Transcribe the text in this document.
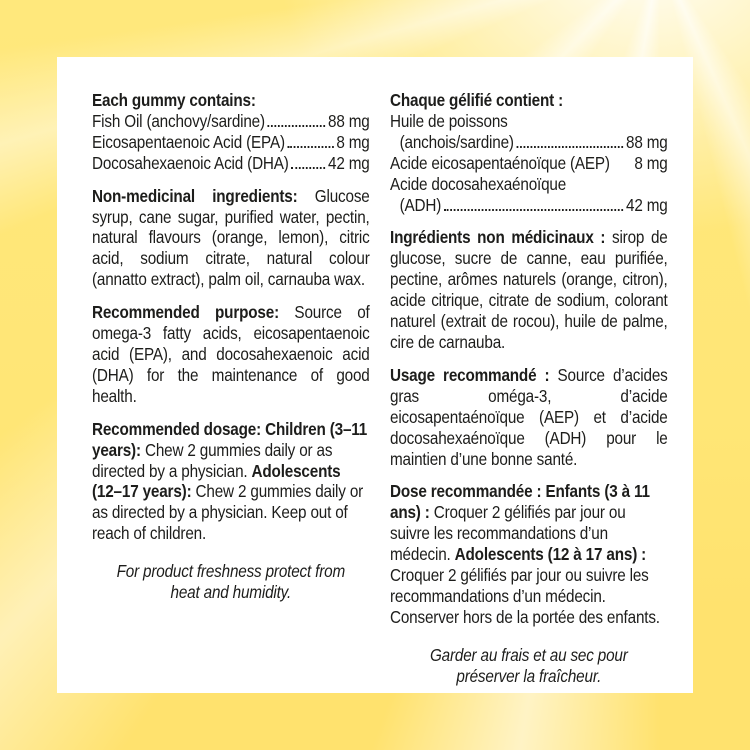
Each gummy contains:
Fish Oil (anchovy/sardine)	88 mg
Eicosapentaenoic Acid (EPA)	8 mg
Docosahexaenoic Acid (DHA) 42 mg

Non-medicinal ingredients: Glucose syrup, cane sugar, purified water, pectin, natural flavours (orange, lemon), citric acid, sodium citrate, natural colour (annatto extract), palm oil, carnauba wax.

Recommended purpose: Source of omega-3 fatty acids, eicosapentaenoic acid (EPA), and docosahexaenoic acid (DHA) for the maintenance of good health.

Recommended dosage: Children (3–11 years): Chew 2 gummies daily or as directed by a physician. Adolescents (12–17 years): Chew 2 gummies daily or as directed by a physician. Keep out of reach of children.

For product freshness protect from heat and humidity.

Chaque gélifié contient :
Huile de poissons
(anchois/sardine)	88 mg
Acide eicosapentaénoïque (AEP) 8 mg
Acide docosahexaénoïque
(ADH)	42 mg

Ingrédients non médicinaux : sirop de glucose, sucre de canne, eau purifiée, pectine, arômes naturels (orange, citron), acide citrique, citrate de sodium, colorant naturel (extrait de rocou), huile de palme, cire de carnauba.

Usage recommandé : Source d’acides gras oméga-3, d’acide eicosapentaénoïque (AEP) et d’acide docosahexaénoïque (ADH) pour le maintien d’une bonne santé.

Dose recommandée : Enfants (3 à 11 ans) : Croquer 2 gélifiés par jour ou suivre les recommandations d’un médecin. Adolescents (12 à 17 ans) : Croquer 2 gélifiés par jour ou suivre les recommandations d’un médecin. Conserver hors de la portée des enfants.

Garder au frais et au sec pour préserver la fraîcheur.
